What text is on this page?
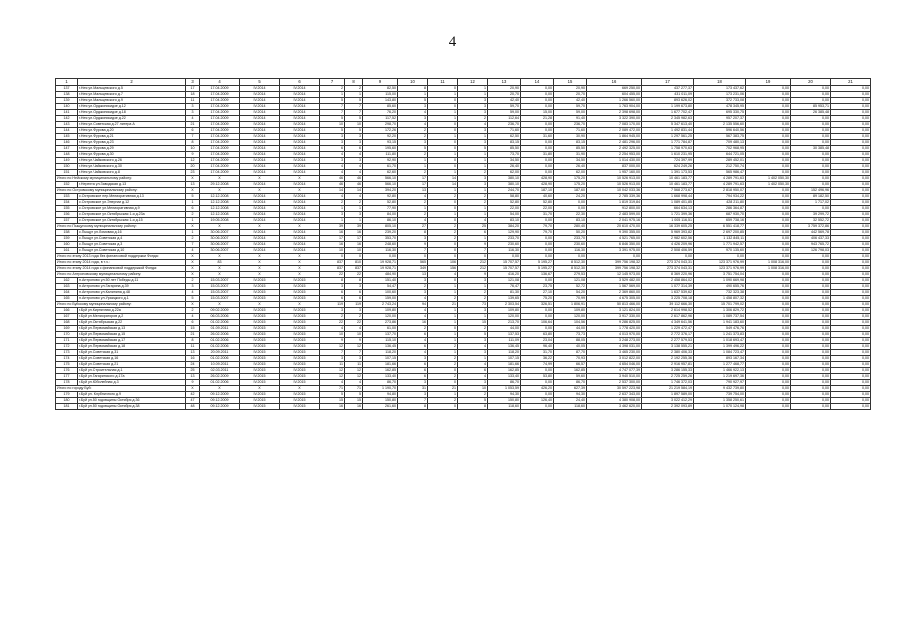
4
1	2	3	4	5	6	7	8	9	10	11	12	13	14	15	16	17	18	19	20	21
137	г.Нея ул.Мальцевского д.5	17	17.04.2009	IV.2014	IV.2014	2	2	82,50	8	0	1	20,90	0,00	20,90	669 250,00	437 277,37	173 437,62	0,00	0,00	0,00
138	г.Нея ул.Мальцевского д.7	18	17.04.2009	IV.2014	IV.2014	1	1	115,00	1	1	1	20,70	0,00	20,70	604 455,00	431 011,09	173 231,06	0,00	0,00	0,00
139	г.Нея ул.Мальцевского д.9	11	17.04.2009	IV.2014	IV.2014	5	5	143,80	5	0	3	42,40	0,00	42,40	1 266 560,00	893 626,02	372 733,08	0,00	0,00	0,00
140	г.Нея ул.Орджоникидзе д.12	3	17.04.2009	IV.2014	IV.2014	7	7	85,60	3	0	3	59,70	0,00	59,70	1 763 904,00	1 199 673,80	478 345,95	0,00	85 953,71	0,00
141	г.Нея ул.Орджоникидзе д.18	3	17.04.2009	IV.2014	IV.2014	7	7	76,20	4	1	3	59,00	15,00	59,00	2 398 698,00	1 677 702,47	695 330,75	0,00	26 385,48	0,00
142	г.Нея ул.Орджоникидзе д.22	4	17.04.2009	IV.2014	IV.2014	5	5	117,52	3	1	2	112,64	21,28	91,40	3 322 390,00	2 345 982,63	957 207,37	0,00	0,00	0,00
143	г.Нея ул.Советская д.27 литера А	21	17.04.2009	IV.2014	IV.2014	10	10	298,70	4	0	4	236,70	0,00	236,70	7 083 170,00	5 347 613,40	2 135 556,60	0,00	0,00	0,00
144	г.Нея ул.Фурова д.20	6	17.04.2009	IV.2014	IV.2014	5	5	172,26	2	0	3	71,60	0,00	71,60	2 089 472,00	1 492 831,44	596 640,56	0,00	0,00	0,00
145	г.Нея ул.Фурова д.21	7	17.04.2009	IV.2014	IV.2014	3	3	92,20	2	1	1	62,50	31,60	30,90	1 864 945,00	1 297 561,25	567 383,75	0,00	0,00	0,00
146	г.Нея ул.Фурова д.23	8	17.04.2009	IV.2014	IV.2014	3	3	93,15	3	0	3	83,15	0,00	83,15	2 481 296,00	1 771 784,87	709 480,13	0,00	0,00	0,00
147	г.Нея ул.Фурова д.29	10	17.04.2009	IV.2014	IV.2014	6	6	195,60	5	0	5	85,50	0,00	85,50	2 492 325,00	1 758 970,63	702 968,95	0,00	30 385,48	0,00
148	г.Нея ул.Фурова д.30	9	17.04.2009	IV.2014	IV.2014	4	4	111,80	2	1	1	73,70	31,80	31,90	2 254 953,00	1 610 231,95	644 721,05	0,00	0,00	0,00
149	г.Нея ул.Чайковского д.26	12	17.04.2009	IV.2014	IV.2014	3	3	92,90	1	0	1	34,50	0,00	34,50	1 014 430,00	724 397,99	289 452,01	0,00	0,00	0,00
150	г.Нея ул.Чайковского д.30	20	17.04.2009	IV.2014	IV.2014	4	4	61,70	1	0	1	26,40	0,00	26,40	837 000,00	624 249,26	212 750,74	0,00	0,00	0,00
151	г.Нея ул.Чайковского д.8	23	17.04.2009	IV.2014	IV.2014	4	4	62,60	2	1	2	62,00	0,00	62,00	1 957 160,00	1 391 173,53	565 986,47	0,00	0,00	0,00
Итого по Нейскому муниципальному району:		X	X	X	X	46	46	566,10	17	14	3	380,10	428,90	175,20	10 526 913,00	10 461 183,77	4 289 791,63	1 402 050,30	0,00	0,00
152	г.Нерехта ул.Заводская д.13	13	29.12.2008	IV.2014	IV.2014	46	46	566,10	17	14	3	380,10	428,90	175,20	10 526 913,00	10 461 183,77	4 289 791,63	1 402 050,30	0,00	0,00
Итого по Островскому муниципальному району:		X	X	X	X	14	14	394,20	13	1	1	244,70	187,10	187,60	10 042 033,36	7 568 273,67	2 818 950,07	0,00	152 496,96	0,00
153	с.Островское пер.Мелиоративная д.13	5	12.12.2008	IV.2014	IV.2014	4	4	92,80	4	2	2	58,80	40,60	24,20	2 785 339,36	1 668 998,44	794 934,22	0,00	89 182,50	0,00
154	с.Островское ул.Энергии д.12	1	12.12.2008	IV.2014	IV.2014	2	2	52,80	2	0	2	52,80	52,80	0,00	1 819 319,84	1 089 401,85	428 211,80	0,00	1 717,02	0,00
155	с.Островское ул.Мелиоративная д.9	6	12.12.2008	IV.2014	IV.2014	1	1	77,90	1	0	1	22,00	22,00	0,00	912 800,00	664 634,13	286 364,87	0,00	0,00	0,00
156	с.Островское ул.Октябрьская 1-я д.23а	2	12.12.2008	IV.2014	IV.2014	3	3	84,00	2	1	1	54,00	31,70	22,30	2 483 599,00	1 721 399,36	687 930,70	0,00	39 299,72	0,00
157	с.Островское ул.Октябрьская 1-я д.15	1	19.05.2008	IV.2014	IV.2014	1	1	86,10	4	0	4	83,10	0,00	83,10	2 041 975,16	1 005 116,51	659 738,16	0,00	32 552,72	0,00
Итого по Пыщугскому муниципальному району:		X	X	X	X	39	39	805,10	27	2	25	384,20	79,70	280,40	20 610 470,00	16 339 605,25	6 551 418,77	0,00	3 759 372,86	0,00
158	с.Пыщуг ул.Ломовая д.16	1	30.06.2007	IV.2014	IV.2014	16	16	239,20	8	2	6	129,90	79,70	50,20	9 390 355,00	5 969 393,82	2 697 200,85	0,00	442 569,78	0,00
159	с.Пыщуг ул.Советская д.4	2	30.06.2007	IV.2014	IV.2014	17	17	353,70	3	2	1	233,70	0,00	233,70	4 521 765,00	2 982 602,56	1 132 845,11	0,00	406 437,33	0,00
160	с.Пыщуг ул.Советская д.3	7	30.06.2007	IV.2014	IV.2014	16	16	248,60	9	0	9	230,60	0,00	230,60	6 846 350,00	4 426 209,96	1 771 942,57	0,00	943 765,72	0,00
161	с.Пыщуг ул.Советская д.10	4	30.06.2007	IV.2014	IV.2014	10	10	116,30	7	0	7	116,30	0,00	116,30	3 391 975,00	2 508 406,59	970 135,60	0,00	126 798,03	0,00
Итого по этапу 2013 года без финансовой поддержки Фонда:		X	X	X	X	0	0	0,00	0	0	0	0,00	0,00	0,00	0,00	0,00	0,00	0,00	0,00	0,00
Итого по этапу 2014 года, в т.ч.:		X	83	X	X	837	810	19 928,71	565	106	212	15 707,57	5 195,27	8 512,30	399 756 198,32	273 374 043,31	123 371 976,99	1 008 316,00	0,00	0,00
Итого по этапу 2014 года с финансовой поддержкой Фонда:		X	X	X	X	837	837	19 928,71	349	156	212	15 707,57	5 195,27	8 512,30	399 756 198,32	273 374 043,31	123 371 976,99	1 008 316,00	0,00	0,00
Итого по Антроповскому муниципальному району:		X	X	X	X	22	22	484,90	13	4	9	416,20	136,67	279,53	12 145 973,00	8 369 220,96	3 751 754,04	0,00	0,00	0,00
162	п.Антропово ул.50 лет Победы д.11	2	15.03.2007	IV.2015	IV.2015	8	8	151,40	3	0	3	121,08	0,00	121,08	3 529 482,00	2 458 864,02	1 090 669,98	0,00	0,00	0,00
163	п.Антропово ул.Гагарина д.39	3	15.03.2007	IV.2015	IV.2015	3	3	54,47	2	1	1	76,47	23,75	52,72	1 567 569,00	1 077 314,39	490 655,76	0,00	0,00	0,00
164	п.Антропово ул.Калинина д.48	4	15.03.2007	IV.2015	IV.2015	6	6	100,60	3	1	2	81,30	27,10	54,20	2 369 860,00	1 637 539,62	732 323,38	0,00	0,00	0,00
165	п.Антропово ул.Ураицкого д.1	5	15.03.2007	IV.2015	IV.2015	6	6	159,00	4	2	2	139,65	75,20	70,99	4 675 305,00	3 225 708,18	1 458 807,32	0,00	0,00	0,00
Итого по Буйскому муниципальному району:		X	X	X	X	119	119	2 743,24	94	21	73	2 303,54	326,51	1 806,91	50 813 466,00	39 112 666,30	15 701 799,02	0,00	0,00	0,00
166	г.Буй ул.Кирпичная д.22а	2	09.02.2009	IV.2015	IV.2015	3	3	109,80	4	1	3	109,80	0,00	109,80	3 121 824,00	2 614 998,52	1 306 829,72	0,00	0,00	0,00
167	г.Буй ул.Мелиораторов д.2	4	06.03.2006	IV.2015	IV.2015	2	2	120,00	4	1	1	120,00	0,00	120,00	3 917 330,00	2 617 862,96	1 089 737,54	0,00	0,00	0,00
168	г.Буй ул.Октябрьская д.22	6	01.02.2006	IV.2015	IV.2015	22	22	273,86	16	1	15	213,70	106,64	104,56	9 286 825,00	4 349 641,56	1 941 183,60	0,00	0,00	0,00
169	г.Буй ул.Первомайская д.13	15	01.09.2011	IV.2015	IV.2015	4	4	61,00	2	0	2	44,00	0,00	44,00	1 778 420,00	1 229 472,47	549 476,76	0,00	0,00	0,00
170	г.Буй ул.Первомайская д.15	21	26.02.2006	IV.2015	IV.2015	10	10	137,70	6	1	5	137,53	63,80	73,73	4 013 970,00	2 772 376,17	1 241 373,83	0,00	0,00	0,00
171	г.Буй ул.Первомайская д.17	8	01.02.2006	IV.2015	IV.2015	9	9	115,10	4	1	3	111,09	23,04	88,05	3 248 273,00	2 277 579,53	1 018 693,47	0,00	0,00	0,00
172	г.Буй ул.Первомайская д.18	11	01.02.2006	IV.2015	IV.2015	12	12	136,45	6	2	4	136,45	96,40	40,05	4 398 031,00	3 138 555,21	1 399 496,22	0,00	0,00	0,00
173	г.Буй ул.Советская д.31	13	20.09.2011	IV.2015	IV.2015	7	7	118,20	4	1	3	118,20	31,70	87,70	3 465 230,00	2 380 406,33	1 084 723,47	0,00	0,00	0,00
174	г.Буй ул.Советская д.16	16	01.02.2006	IV.2015	IV.2015	3	3	107,15	3	2	1	107,15	36,22	70,93	3 012 822,00	2 192 255,36	893 167,34	0,00	0,00	0,00
175	г.Буй ул.Советская д.21	24	10.09.2011	IV.2015	IV.2015	11	11	181,66	6	2	4	181,66	74,99	66,57	4 654 046,00	2 916 957,81	1 277 468,77	0,00	0,00	0,00
176	г.Буй ул.Строительная д.1	25	02.03.2011	IV.2015	IV.2015	12	12	162,85	6	0	6	162,85	0,00	162,85	4 747 077,39	3 286 155,33	1 466 922,13	0,00	0,00	0,00
177	г.Буй ул.Гагаринского д.17а	13	26.02.2009	IV.2015	IV.2015	12	12	133,40	6	2	4	133,40	53,80	59,60	3 940 510,00	2 725 259,26	1 219 697,36	0,00	0,00	0,00
178	г.Буй ул.Юбилейная д.3	9	01.02.2006	IV.2015	IV.2015	4	4	86,70	3	0	3	86,70	0,00	86,70	2 537 300,00	1 746 372,03	790 927,97	0,00	0,00	0,00
Итого по городу Буй:		X	X	X	X	71	71	1 190,70	31	21	10	1 053,59	426,20	627,39	30 597 223,98	21 219 584,19	9 432 739,80	0,00	0,00	0,00
179	г.Буй ул. Клубничного д.9	42	09.12.2009	IV.2015	IV.2015	5	5	94,80	3	1	2	94,30	0,00	94,30	2 637 343,00	1 897 589,00	739 754,00	0,00	0,00	0,00
180	г.Буй ул.50 годовщины Октября д.36	47	09.12.2009	IV.2015	IV.2015	15	15	150,80	7	2	5	150,80	126,40	24,40	4 380 908,00	3 022 412,29	1 358 250,61	0,00	0,00	0,00
181	г.Буй ул.50 годовщины Октября д.38	48	09.12.2009	IV.2015	IV.2015	16	16	261,60	8	0	8	118,60	0,00	118,60	3 462 620,00	2 392 093,89	1 070 124,98	0,00	0,00	0,00
